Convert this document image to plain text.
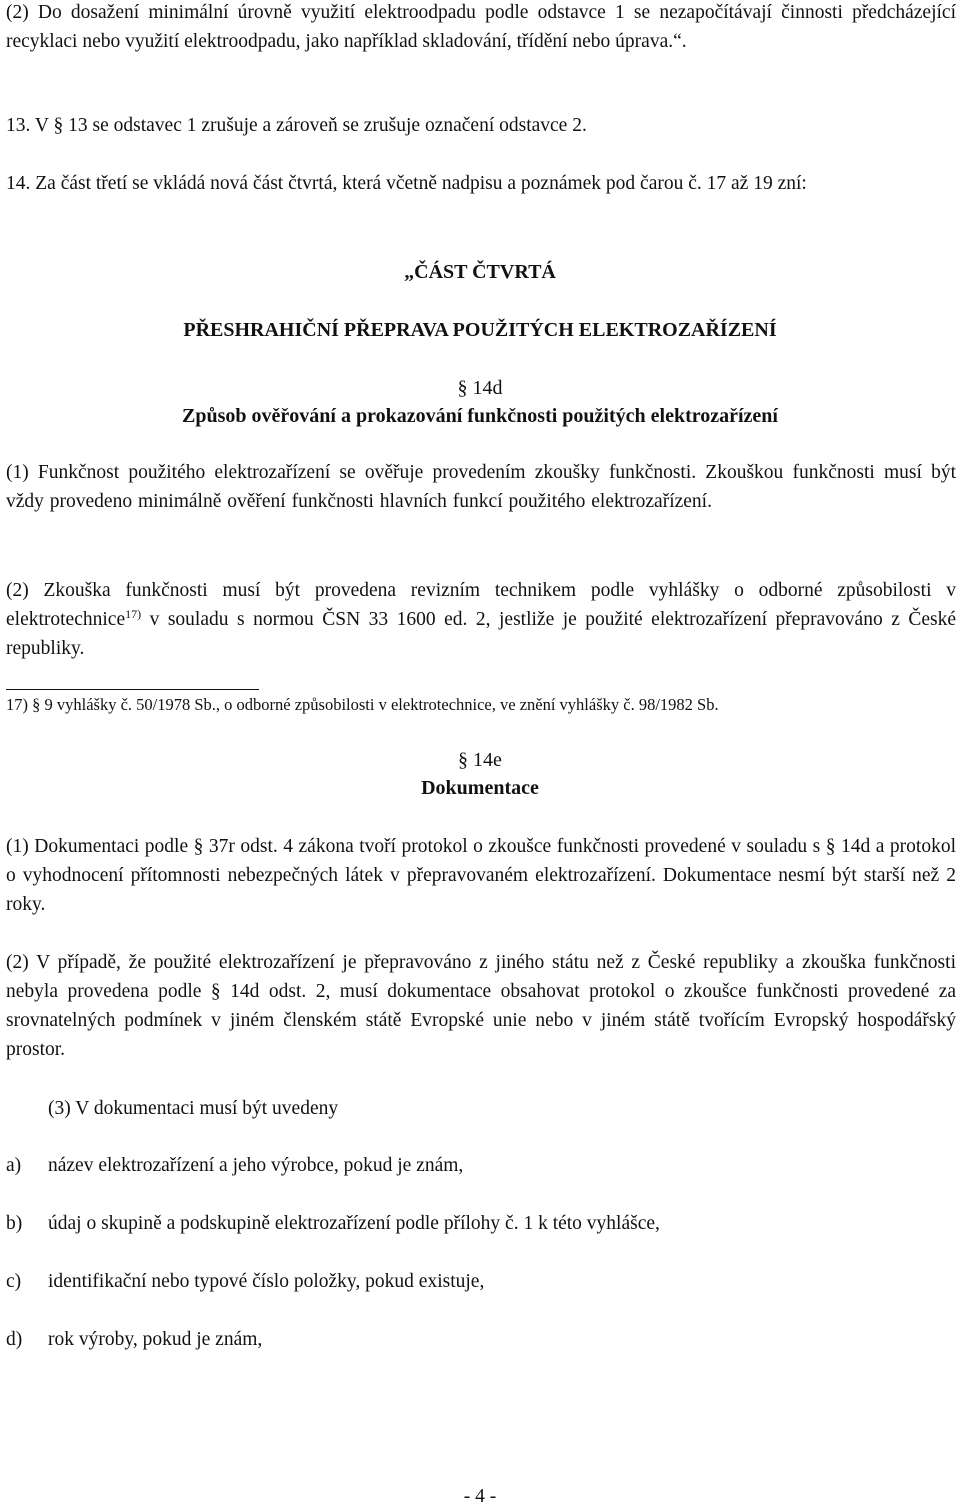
(2) Do dosažení minimální úrovně využití elektroodpadu podle odstavce 1 se nezapočítávají činnosti předcházející recyklaci nebo využití elektroodpadu, jako například skladování, třídění nebo úprava.“.
13. V § 13 se odstavec 1 zrušuje a zároveň se zrušuje označení odstavce 2.
14. Za část třetí se vkládá nová část čtvrtá, která včetně nadpisu a poznámek pod čarou č. 17 až 19 zní:
„ČÁST ČTVRTÁ
PŘESHRAHIČNÍ PŘEPRAVA POUŽITÝCH ELEKTROZAŘÍZENÍ
§ 14d
Způsob ověřování a prokazování funkčnosti použitých elektrozařízení
(1) Funkčnost použitého elektrozařízení se ověřuje provedením zkoušky funkčnosti. Zkouškou funkčnosti musí být vždy provedeno minimálně ověření funkčnosti hlavních funkcí použitého elektrozařízení.
(2) Zkouška funkčnosti musí být provedena revizním technikem podle vyhlášky o odborné způsobilosti v elektrotechnice$^{17)}$ v souladu s normou ČSN 33 1600 ed. 2, jestliže je použité elektrozařízení přepravováno z České republiky.
17) § 9 vyhlášky č. 50/1978 Sb., o odborné způsobilosti v elektrotechnice, ve znění vyhlášky č. 98/1982 Sb.
§ 14e
Dokumentace
(1) Dokumentaci podle § 37r odst. 4 zákona tvoří protokol o zkoušce funkčnosti provedené v souladu s § 14d a protokol o vyhodnocení přítomnosti nebezpečných látek v přepravovaném elektrozařízení. Dokumentace nesmí být starší než 2 roky.
(2) V případě, že použité elektrozařízení je přepravováno z jiného státu než z České republiky a zkouška funkčnosti nebyla provedena podle § 14d odst. 2, musí dokumentace obsahovat protokol o zkoušce funkčnosti provedené za srovnatelných podmínek v jiném členském státě Evropské unie nebo v jiném státě tvořícím Evropský hospodářský prostor.
(3) V dokumentaci musí být uvedeny
a) název elektrozařízení a jeho výrobce, pokud je znám,
b) údaj o skupině a podskupině elektrozařízení podle přílohy č. 1 k této vyhlášce,
c) identifikační nebo typové číslo položky, pokud existuje,
d) rok výroby, pokud je znám,
- 4 -
